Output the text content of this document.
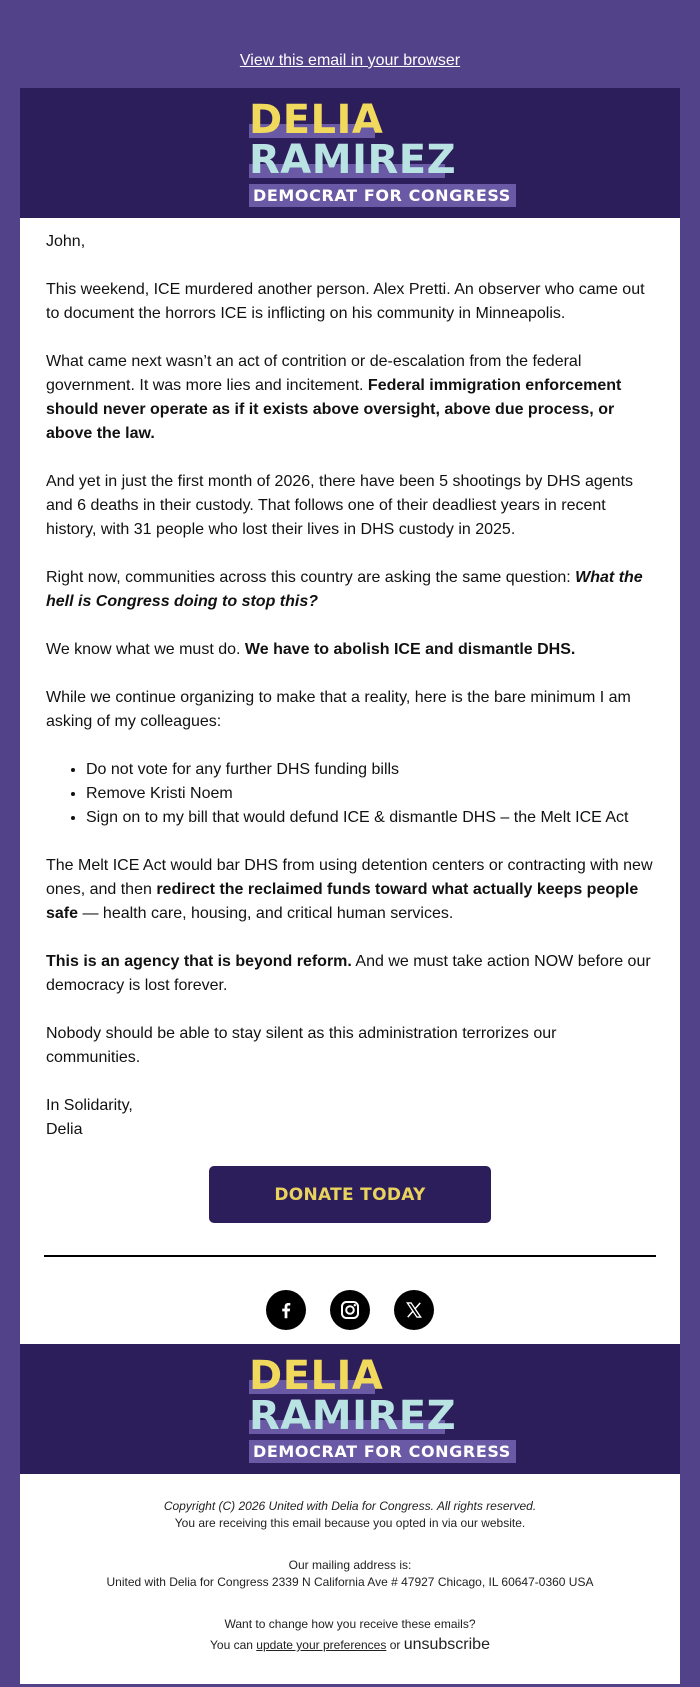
View this email in your browser
DELIA
RAMIREZ
DEMOCRAT FOR CONGRESS

John,

This weekend, ICE murdered another person. Alex Pretti. An observer who came out to document the horrors ICE is inflicting on his community in Minneapolis.

What came next wasn’t an act of contrition or de-escalation from the federal government. It was more lies and incitement. Federal immigration enforcement should never operate as if it exists above oversight, above due process, or above the law.

And yet in just the first month of 2026, there have been 5 shootings by DHS agents and 6 deaths in their custody. That follows one of their deadliest years in recent history, with 31 people who lost their lives in DHS custody in 2025.

Right now, communities across this country are asking the same question: What the hell is Congress doing to stop this?

We know what we must do. We have to abolish ICE and dismantle DHS.

While we continue organizing to make that a reality, here is the bare minimum I am asking of my colleagues:

• Do not vote for any further DHS funding bills
• Remove Kristi Noem
• Sign on to my bill that would defund ICE & dismantle DHS – the Melt ICE Act

The Melt ICE Act would bar DHS from using detention centers or contracting with new ones, and then redirect the reclaimed funds toward what actually keeps people safe — health care, housing, and critical human services.

This is an agency that is beyond reform. And we must take action NOW before our democracy is lost forever.

Nobody should be able to stay silent as this administration terrorizes our communities.

In Solidarity,
Delia

DONATE TODAY
DELIA
RAMIREZ
DEMOCRAT FOR CONGRESS

Copyright (C) 2026 United with Delia for Congress. All rights reserved.

You are receiving this email because you opted in via our website.

Our mailing address is:

United with Delia for Congress 2339 N California Ave # 47927 Chicago, IL 60647-0360 USA

Want to change how you receive these emails?

You can update your preferences or unsubscribe
